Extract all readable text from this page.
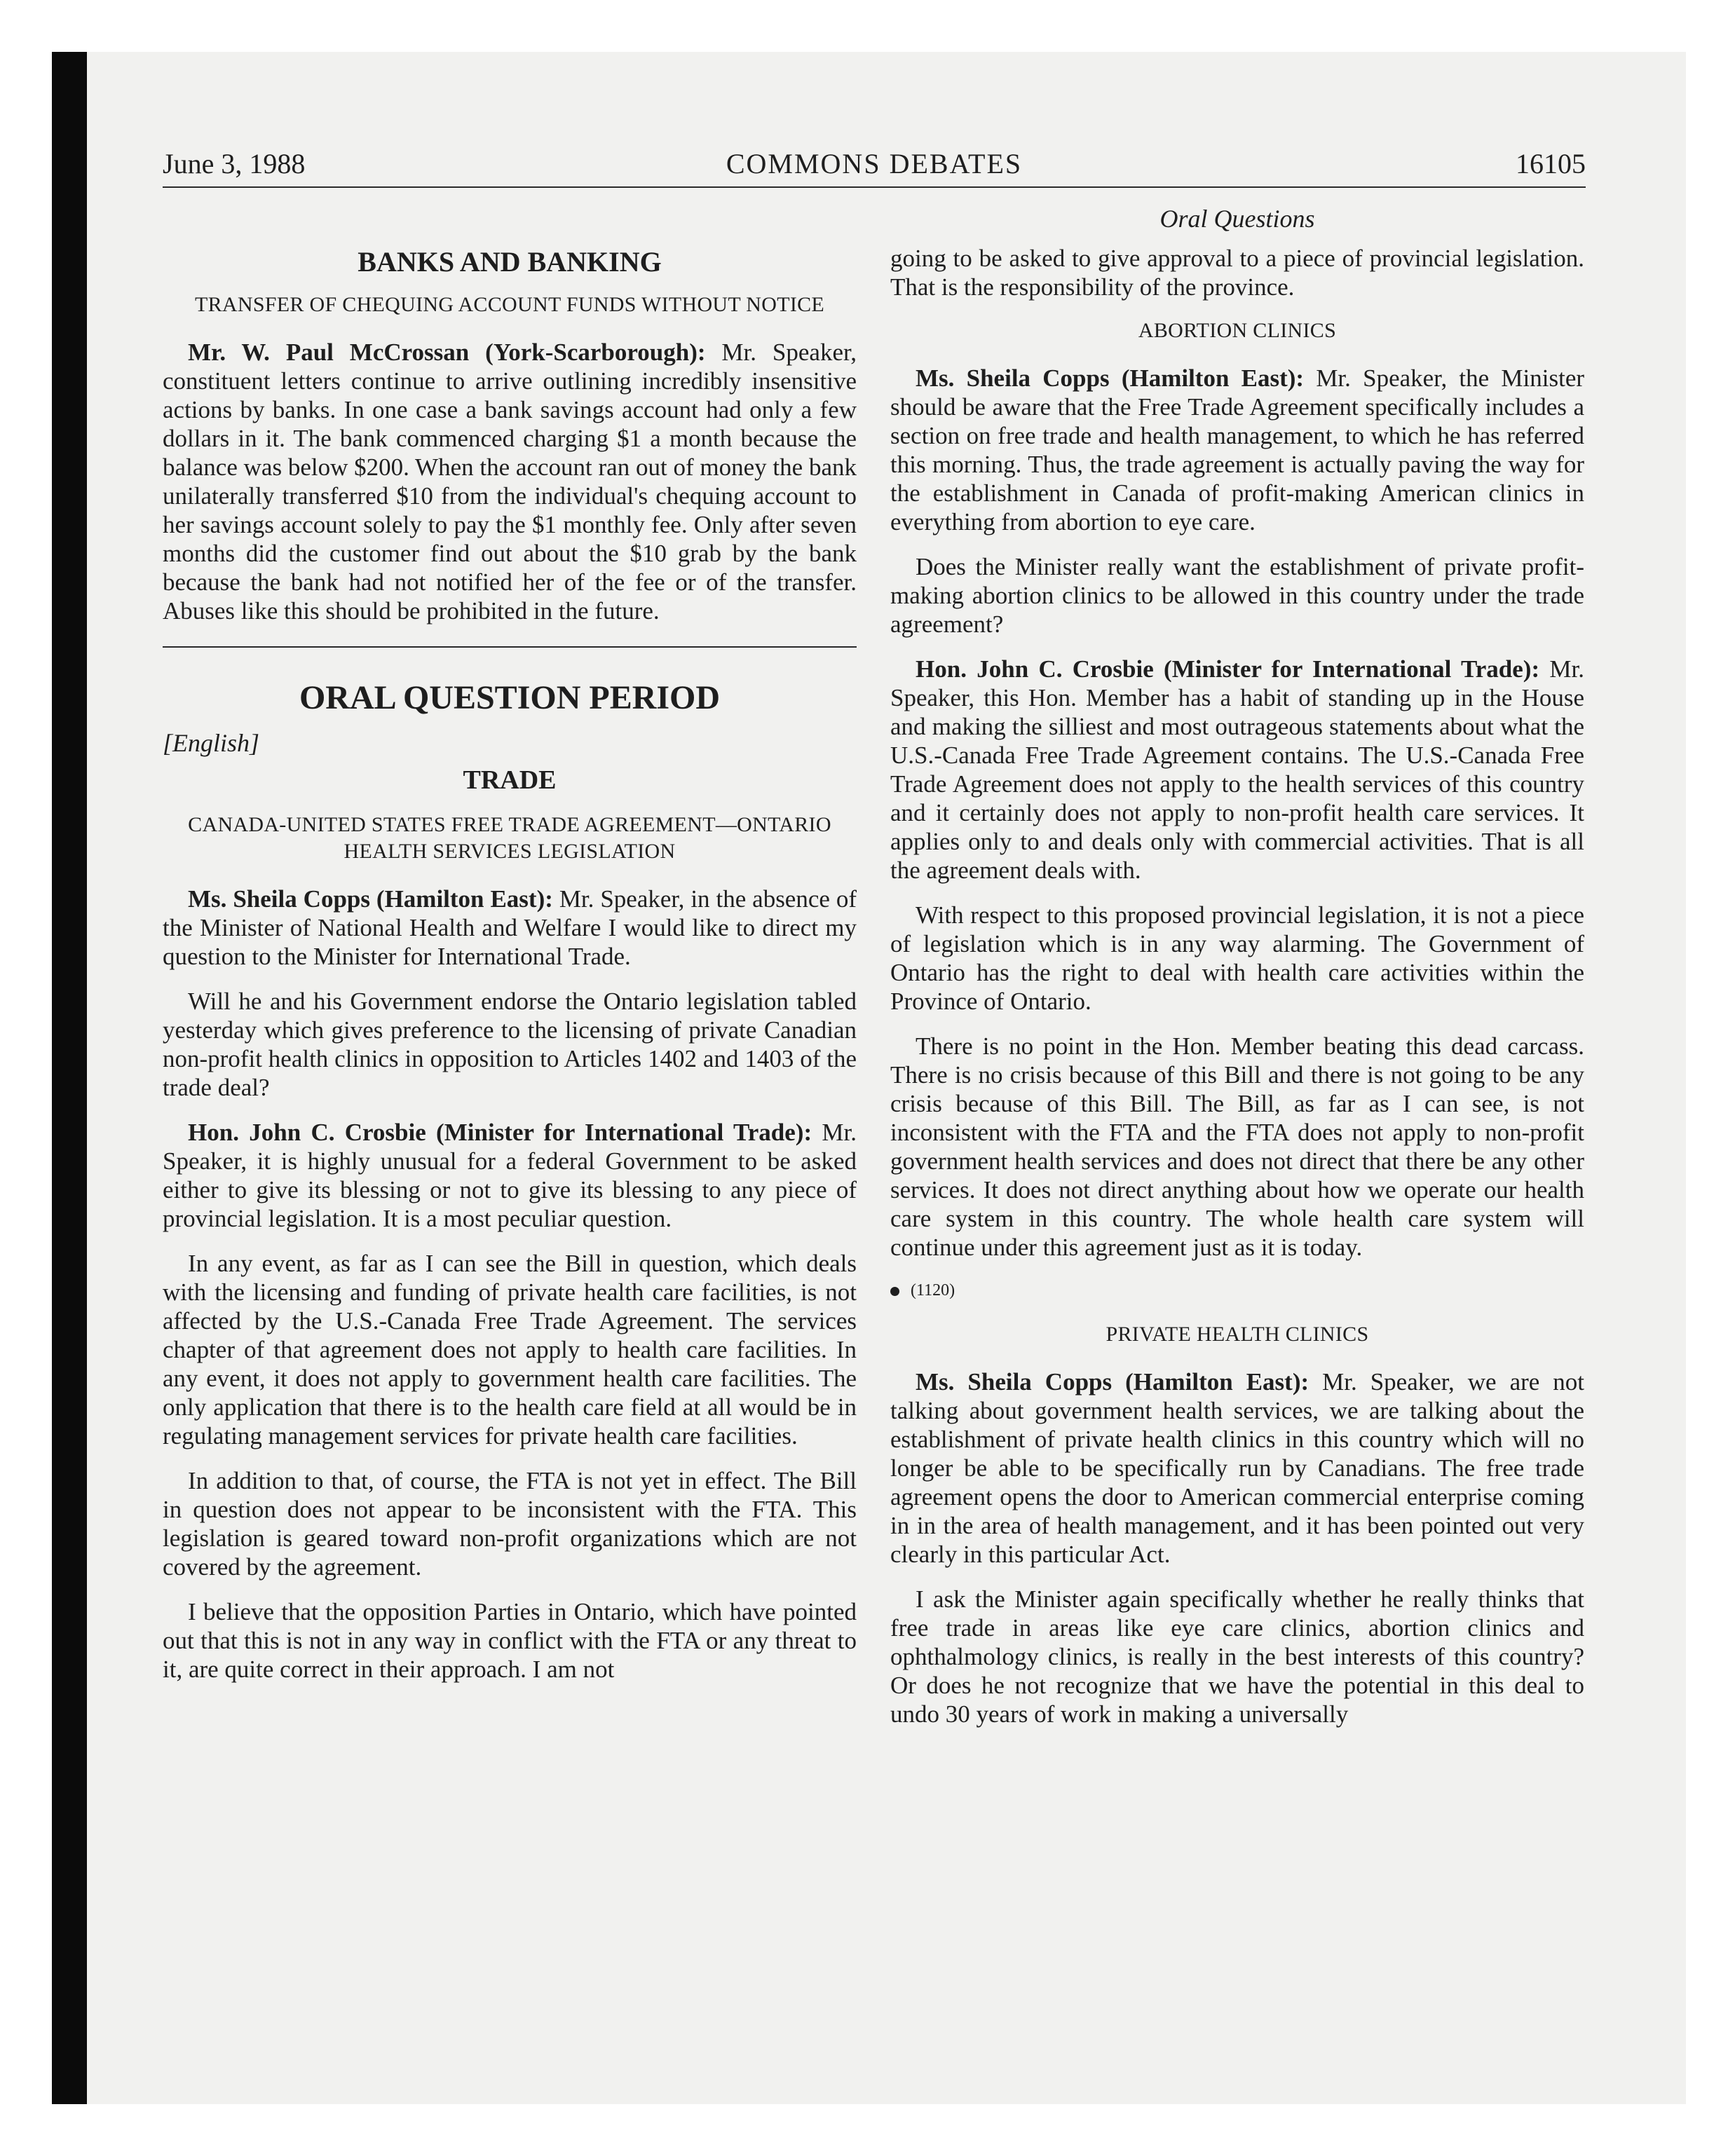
June 3, 1988	COMMONS DEBATES	16105
BANKS AND BANKING
TRANSFER OF CHEQUING ACCOUNT FUNDS WITHOUT NOTICE

Mr. W. Paul McCrossan (York-Scarborough): Mr. Speaker, constituent letters continue to arrive outlining incredibly insensitive actions by banks. In one case a bank savings account had only a few dollars in it. The bank commenced charging $1 a month because the balance was below $200. When the account ran out of money the bank unilaterally transferred $10 from the individual's chequing account to her savings account solely to pay the $1 monthly fee. Only after seven months did the customer find out about the $10 grab by the bank because the bank had not notified her of the fee or of the transfer. Abuses like this should be prohibited in the future.

ORAL QUESTION PERIOD
[English]
TRADE
CANADA-UNITED STATES FREE TRADE AGREEMENT—ONTARIO HEALTH SERVICES LEGISLATION

Ms. Sheila Copps (Hamilton East): Mr. Speaker, in the absence of the Minister of National Health and Welfare I would like to direct my question to the Minister for International Trade.

Will he and his Government endorse the Ontario legislation tabled yesterday which gives preference to the licensing of private Canadian non-profit health clinics in opposition to Articles 1402 and 1403 of the trade deal?

Hon. John C. Crosbie (Minister for International Trade): Mr. Speaker, it is highly unusual for a federal Government to be asked either to give its blessing or not to give its blessing to any piece of provincial legislation. It is a most peculiar question.

In any event, as far as I can see the Bill in question, which deals with the licensing and funding of private health care facilities, is not affected by the U.S.-Canada Free Trade Agreement. The services chapter of that agreement does not apply to health care facilities. In any event, it does not apply to government health care facilities. The only application that there is to the health care field at all would be in regulating management services for private health care facilities.

In addition to that, of course, the FTA is not yet in effect. The Bill in question does not appear to be inconsistent with the FTA. This legislation is geared toward non-profit organizations which are not covered by the agreement.

I believe that the opposition Parties in Ontario, which have pointed out that this is not in any way in conflict with the FTA or any threat to it, are quite correct in their approach. I am not

Oral Questions

going to be asked to give approval to a piece of provincial legislation. That is the responsibility of the province.

ABORTION CLINICS

Ms. Sheila Copps (Hamilton East): Mr. Speaker, the Minister should be aware that the Free Trade Agreement specifically includes a section on free trade and health management, to which he has referred this morning. Thus, the trade agreement is actually paving the way for the establishment in Canada of profit-making American clinics in everything from abortion to eye care.

Does the Minister really want the establishment of private profit-making abortion clinics to be allowed in this country under the trade agreement?

Hon. John C. Crosbie (Minister for International Trade): Mr. Speaker, this Hon. Member has a habit of standing up in the House and making the silliest and most outrageous statements about what the U.S.-Canada Free Trade Agreement contains. The U.S.-Canada Free Trade Agreement does not apply to the health services of this country and it certainly does not apply to non-profit health care services. It applies only to and deals only with commercial activities. That is all the agreement deals with.

With respect to this proposed provincial legislation, it is not a piece of legislation which is in any way alarming. The Government of Ontario has the right to deal with health care activities within the Province of Ontario.

There is no point in the Hon. Member beating this dead carcass. There is no crisis because of this Bill and there is not going to be any crisis because of this Bill. The Bill, as far as I can see, is not inconsistent with the FTA and the FTA does not apply to non-profit government health services and does not direct that there be any other services. It does not direct anything about how we operate our health care system in this country. The whole health care system will continue under this agreement just as it is today.

(1120)
PRIVATE HEALTH CLINICS

Ms. Sheila Copps (Hamilton East): Mr. Speaker, we are not talking about government health services, we are talking about the establishment of private health clinics in this country which will no longer be able to be specifically run by Canadians. The free trade agreement opens the door to American commercial enterprise coming in in the area of health management, and it has been pointed out very clearly in this particular Act.

I ask the Minister again specifically whether he really thinks that free trade in areas like eye care clinics, abortion clinics and ophthalmology clinics, is really in the best interests of this country? Or does he not recognize that we have the potential in this deal to undo 30 years of work in making a universally
